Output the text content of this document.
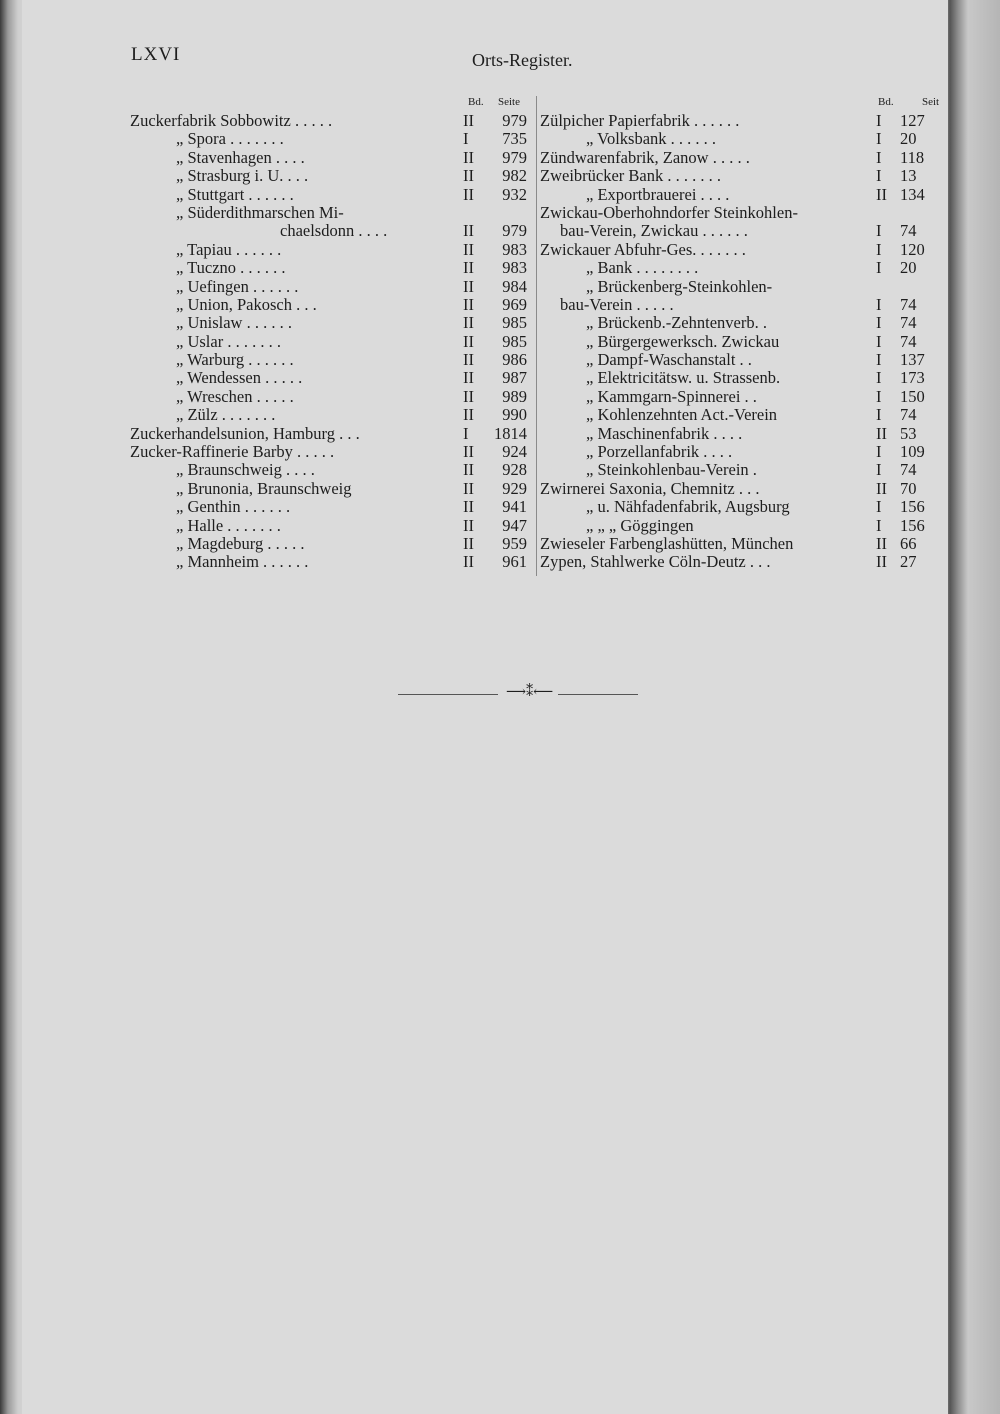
LXVI	Orts-Register.
Bd. Seite
Zuckerfabrik Sobbowitz . . . . .	II	979
„ Spora . . . . . . .	I	735
„ Stavenhagen . . . .	II	979
„ Strasburg i. U. . . .	II	982
„ Stuttgart . . . . . .	II	932
„ Süderdithmarschen Mi-
chaelsdonn . . . .	II	979
„ Tapiau . . . . . .	II	983
„ Tuczno . . . . . .	II	983
„ Uefingen . . . . . .	II	984
„ Union, Pakosch . . .	II	969
„ Unislaw . . . . . .	II	985
„ Uslar . . . . . . .	II	985
„ Warburg . . . . . .	II	986
„ Wendessen . . . . .	II	987
„ Wreschen . . . . .	II	989
„ Zülz . . . . . . .	II	990
Zuckerhandelsunion, Hamburg . . .	I	1814
Zucker-Raffinerie Barby . . . . .	II	924
„ Braunschweig . . . .	II	928
„ Brunonia, Braunschweig	II	929
„ Genthin . . . . . .	II	941
„ Halle . . . . . . .	II	947
„ Magdeburg . . . . .	II	959
„ Mannheim . . . . . .	II	961
Bd.	Seit
Zülpicher Papierfabrik . . . . . .	I 127
„ Volksbank . . . . . .	I 20
Zündwarenfabrik, Zanow . . . . .	I 118
Zweibrücker Bank . . . . . . .	I 13
„ Exportbrauerei . . . .	II 134
Zwickau-Oberhohndorfer Steinkohlen-
bau-Verein, Zwickau . . . . . .	I 74
Zwickauer Abfuhr-Ges. . . . . . .	I 120
„ Bank . . . . . . . .	I 20
„ Brückenberg-Steinkohlen-
bau-Verein . . . . .	I 74
„ Brückenb.-Zehntenverb. .	I 74
„ Bürgergewerksch. Zwickau	I 74
„ Dampf-Waschanstalt . .	I 137
„ Elektricitätsw. u. Strassenb.	I 173
„ Kammgarn-Spinnerei . .	I 150
„ Kohlenzehnten Act.-Verein	I 74
„ Maschinenfabrik . . . .	II 53
„ Porzellanfabrik . . . .	I 109
„ Steinkohlenbau-Verein .	I 74
Zwirnerei Saxonia, Chemnitz . . .	II 70
„ u. Nähfadenfabrik, Augsburg	I 156
„ „ „ Göggingen	I 156
Zwieseler Farbenglashütten, München	II 66
Zypen, Stahlwerke Cöln-Deutz . . .	II 27
⟶⁑⟵
